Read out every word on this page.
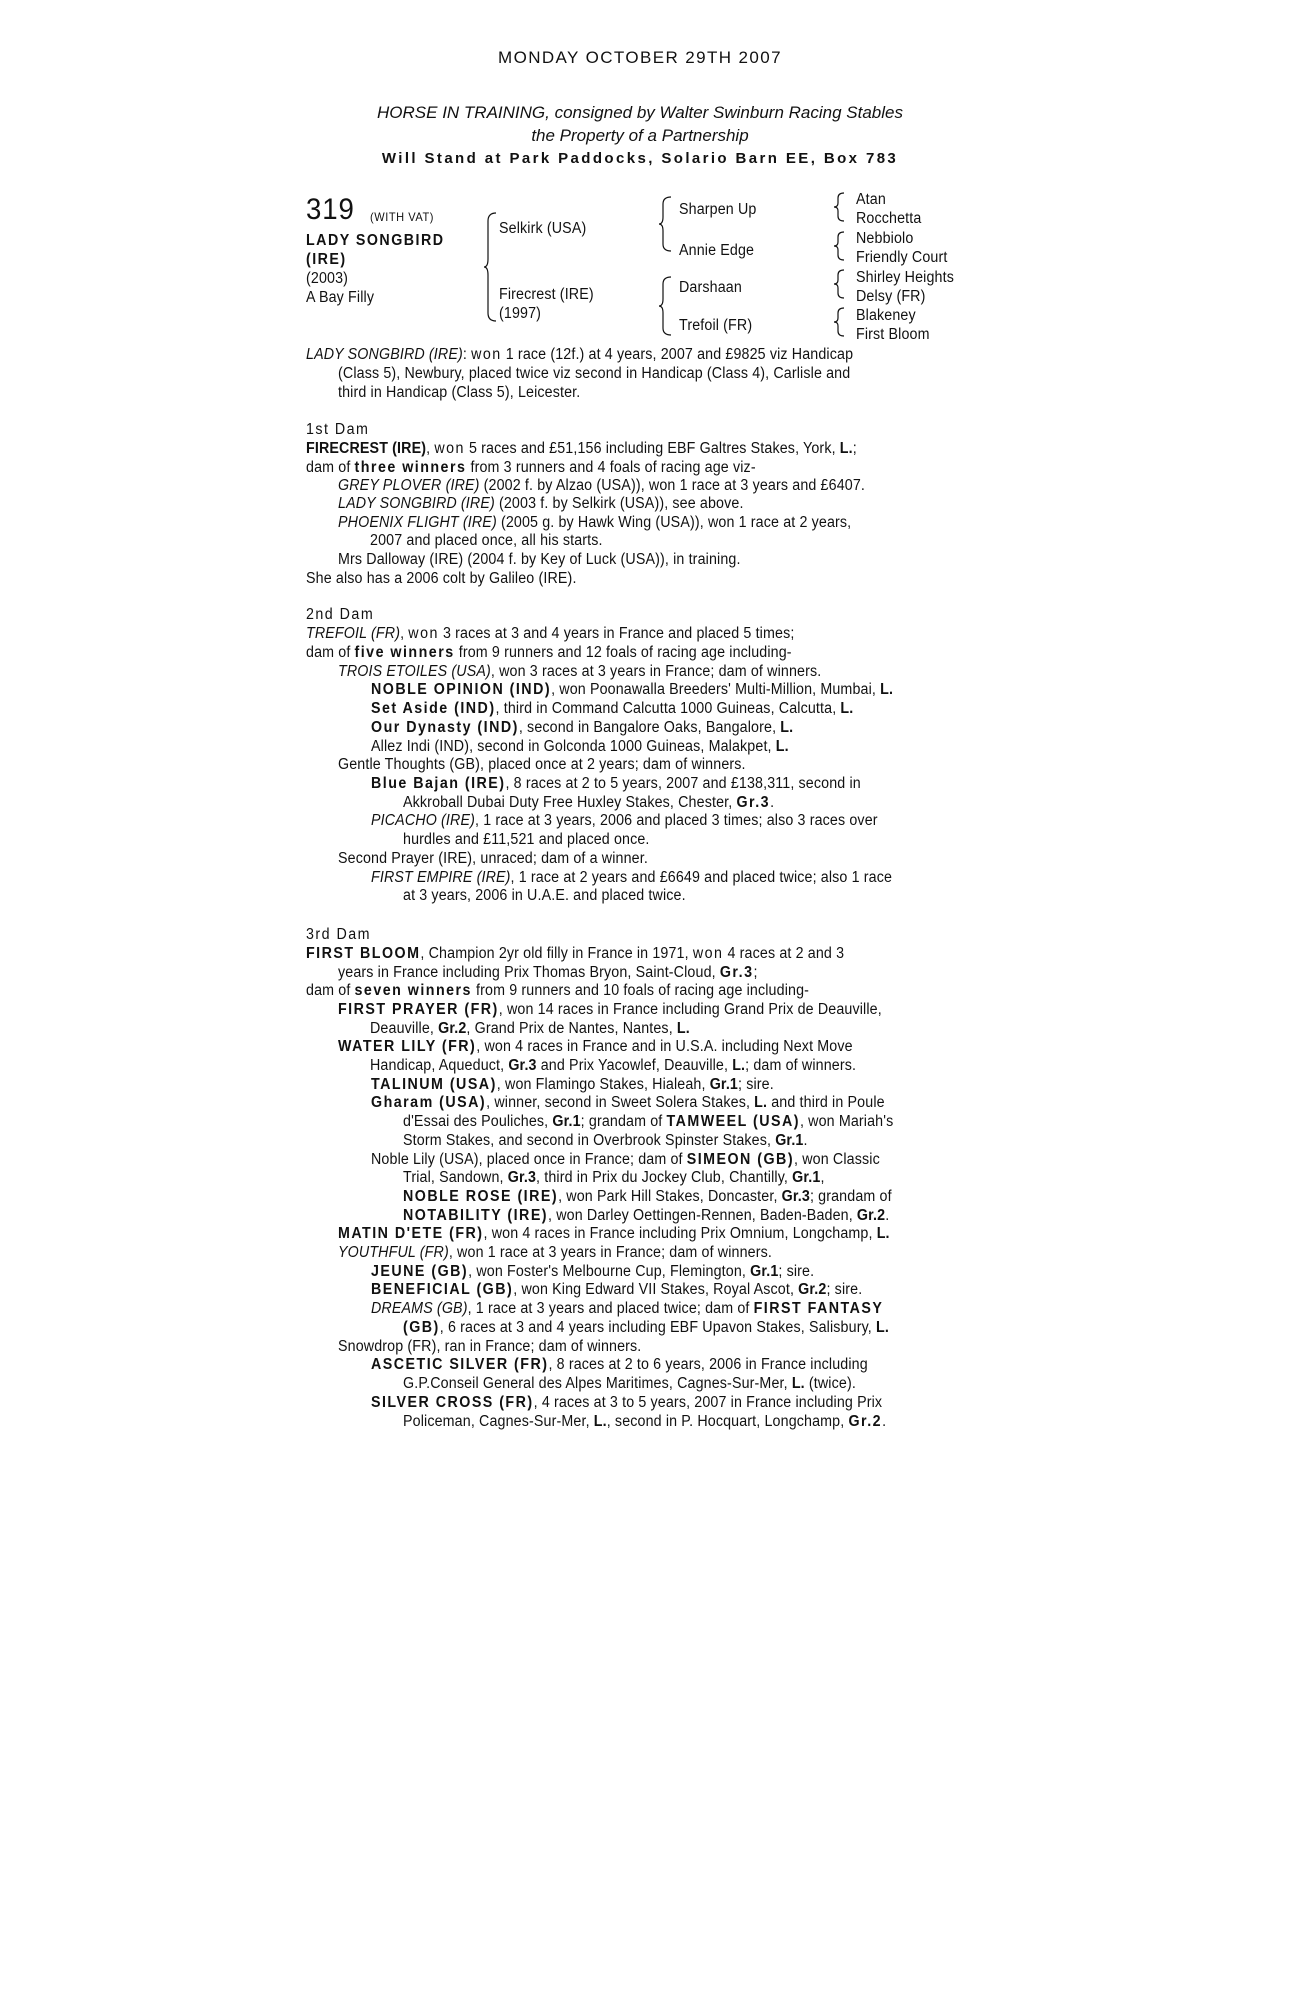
MONDAY OCTOBER 29TH 2007
HORSE IN TRAINING, consigned by Walter Swinburn Racing Stables
the Property of a Partnership
Will Stand at Park Paddocks, Solario Barn EE, Box 783
319 (WITH VAT)
LADY SONGBIRD
(IRE)
(2003)
A Bay Filly
Selkirk (USA)
Firecrest (IRE)
(1997)
Sharpen Up
Annie Edge
Darshaan
Trefoil (FR)
Atan
Rocchetta
Nebbiolo
Friendly Court
Shirley Heights
Delsy (FR)
Blakeney
First Bloom
LADY SONGBIRD (IRE): won 1 race (12f.) at 4 years, 2007 and £9825 viz Handicap
(Class 5), Newbury, placed twice viz second in Handicap (Class 4), Carlisle and
third in Handicap (Class 5), Leicester.
1st Dam
FIRECREST (IRE), won 5 races and £51,156 including EBF Galtres Stakes, York, L.;
dam of three winners from 3 runners and 4 foals of racing age viz-
GREY PLOVER (IRE) (2002 f. by Alzao (USA)), won 1 race at 3 years and £6407.
LADY SONGBIRD (IRE) (2003 f. by Selkirk (USA)), see above.
PHOENIX FLIGHT (IRE) (2005 g. by Hawk Wing (USA)), won 1 race at 2 years,
2007 and placed once, all his starts.
Mrs Dalloway (IRE) (2004 f. by Key of Luck (USA)), in training.
She also has a 2006 colt by Galileo (IRE).
2nd Dam
TREFOIL (FR), won 3 races at 3 and 4 years in France and placed 5 times;
dam of five winners from 9 runners and 12 foals of racing age including-
TROIS ETOILES (USA), won 3 races at 3 years in France; dam of winners.
NOBLE OPINION (IND), won Poonawalla Breeders' Multi-Million, Mumbai, L.
Set Aside (IND), third in Command Calcutta 1000 Guineas, Calcutta, L.
Our Dynasty (IND), second in Bangalore Oaks, Bangalore, L.
Allez Indi (IND), second in Golconda 1000 Guineas, Malakpet, L.
Gentle Thoughts (GB), placed once at 2 years; dam of winners.
Blue Bajan (IRE), 8 races at 2 to 5 years, 2007 and £138,311, second in
Akkroball Dubai Duty Free Huxley Stakes, Chester, Gr.3.
PICACHO (IRE), 1 race at 3 years, 2006 and placed 3 times; also 3 races over
hurdles and £11,521 and placed once.
Second Prayer (IRE), unraced; dam of a winner.
FIRST EMPIRE (IRE), 1 race at 2 years and £6649 and placed twice; also 1 race
at 3 years, 2006 in U.A.E. and placed twice.
3rd Dam
FIRST BLOOM, Champion 2yr old filly in France in 1971, won 4 races at 2 and 3
years in France including Prix Thomas Bryon, Saint-Cloud, Gr.3;
dam of seven winners from 9 runners and 10 foals of racing age including-
FIRST PRAYER (FR), won 14 races in France including Grand Prix de Deauville,
Deauville, Gr.2, Grand Prix de Nantes, Nantes, L.
WATER LILY (FR), won 4 races in France and in U.S.A. including Next Move
Handicap, Aqueduct, Gr.3 and Prix Yacowlef, Deauville, L.; dam of winners.
TALINUM (USA), won Flamingo Stakes, Hialeah, Gr.1; sire.
Gharam (USA), winner, second in Sweet Solera Stakes, L. and third in Poule
d'Essai des Pouliches, Gr.1; grandam of TAMWEEL (USA), won Mariah's
Storm Stakes, and second in Overbrook Spinster Stakes, Gr.1.
Noble Lily (USA), placed once in France; dam of SIMEON (GB), won Classic
Trial, Sandown, Gr.3, third in Prix du Jockey Club, Chantilly, Gr.1,
NOBLE ROSE (IRE), won Park Hill Stakes, Doncaster, Gr.3; grandam of
NOTABILITY (IRE), won Darley Oettingen-Rennen, Baden-Baden, Gr.2.
MATIN D'ETE (FR), won 4 races in France including Prix Omnium, Longchamp, L.
YOUTHFUL (FR), won 1 race at 3 years in France; dam of winners.
JEUNE (GB), won Foster's Melbourne Cup, Flemington, Gr.1; sire.
BENEFICIAL (GB), won King Edward VII Stakes, Royal Ascot, Gr.2; sire.
DREAMS (GB), 1 race at 3 years and placed twice; dam of FIRST FANTASY
(GB), 6 races at 3 and 4 years including EBF Upavon Stakes, Salisbury, L.
Snowdrop (FR), ran in France; dam of winners.
ASCETIC SILVER (FR), 8 races at 2 to 6 years, 2006 in France including
G.P.Conseil General des Alpes Maritimes, Cagnes-Sur-Mer, L. (twice).
SILVER CROSS (FR), 4 races at 3 to 5 years, 2007 in France including Prix
Policeman, Cagnes-Sur-Mer, L., second in P. Hocquart, Longchamp, Gr.2.
